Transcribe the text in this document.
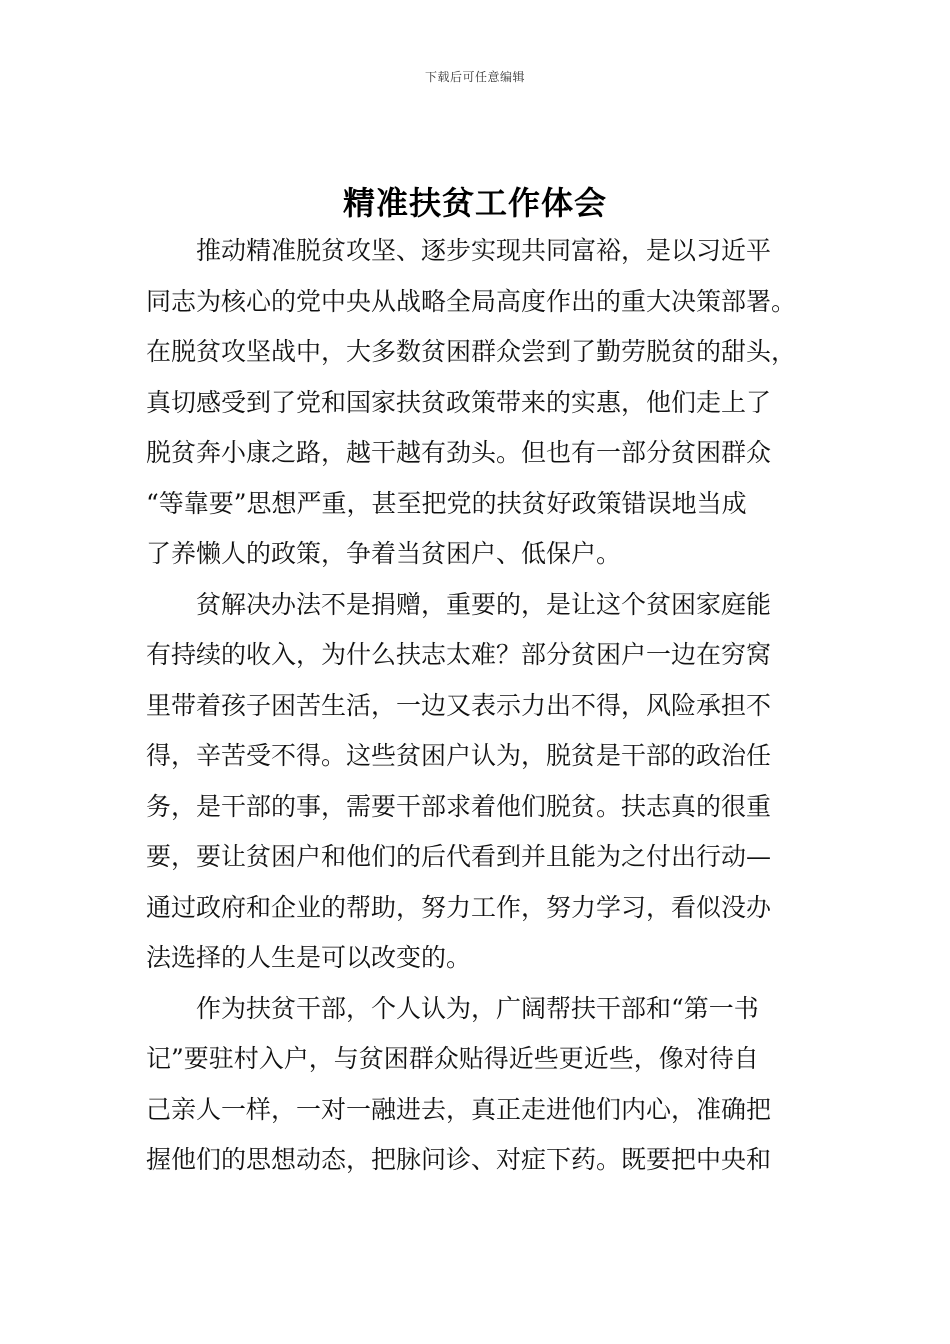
下载后可任意编辑
精准扶贫工作体会
推动精准脱贫攻坚、逐步实现共同富裕，是以习近平
同志为核心的党中央从战略全局高度作出的重大决策部署。
在脱贫攻坚战中，大多数贫困群众尝到了勤劳脱贫的甜头，
真切感受到了党和国家扶贫政策带来的实惠，他们走上了
脱贫奔小康之路，越干越有劲头。但也有一部分贫困群众
“等靠要”思想严重，甚至把党的扶贫好政策错误地当成
了养懒人的政策，争着当贫困户、低保户。
贫解决办法不是捐赠，重要的，是让这个贫困家庭能
有持续的收入，为什么扶志太难？部分贫困户一边在穷窝
里带着孩子困苦生活，一边又表示力出不得，风险承担不
得，辛苦受不得。这些贫困户认为，脱贫是干部的政治任
务，是干部的事，需要干部求着他们脱贫。扶志真的很重
要，要让贫困户和他们的后代看到并且能为之付出行动—
通过政府和企业的帮助，努力工作，努力学习，看似没办
法选择的人生是可以改变的。
作为扶贫干部，个人认为，广阔帮扶干部和“第一书
记”要驻村入户，与贫困群众贴得近些更近些，像对待自
己亲人一样，一对一融进去，真正走进他们内心，准确把
握他们的思想动态，把脉问诊、对症下药。既要把中央和
